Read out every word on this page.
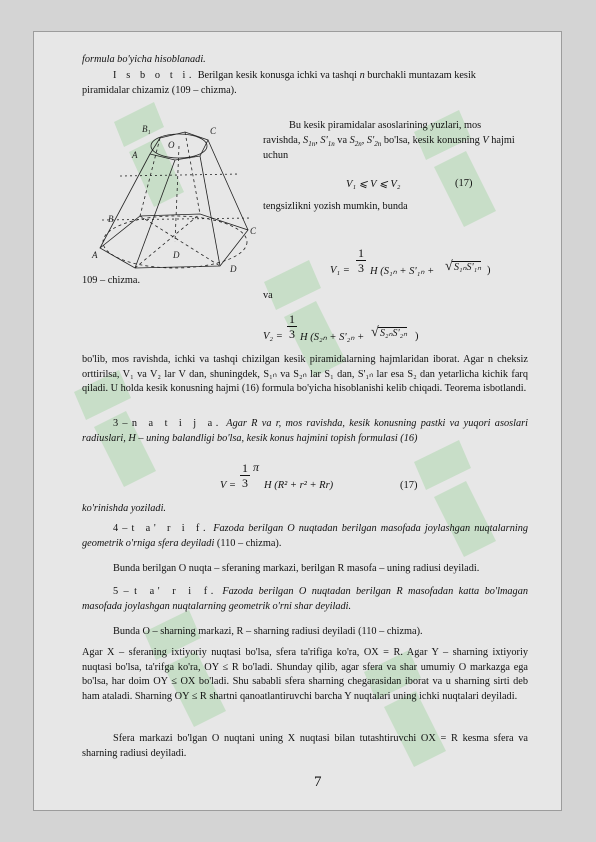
formula bo'yicha hisoblanadi.
I s b o t i. Berilgan kesik konusga ichki va tashqi n burchakli muntazam kesik
piramidalar chizamiz (109 – chizma).
B₁	C
A
O
B
A
D
C
D
Bu kesik piramidalar asoslarining yuzlari, mos
ravishda, $S_{1n}$, $S'_{1n}$ va $S_{2n}$, $S'_{2n}$ bo'lsa, kesik konusning V hajmi
uchun
V₁ ⩽ V ⩽ V₂	(17)
tengsizlikni yozish mumkin, bunda
109 – chizma.
V₁ =
1
3 H (S₁ₙ + S'₁ₙ + S₁ₙS'₁ₙ
√	)
va
V₂ =
1
3 H (S₂ₙ + S'₂ₙ + S₂ₙS'₂ₙ
√	)
bo'lib, mos ravishda, ichki va tashqi chizilgan kesik piramidalarning hajmlaridan iborat. Agar n cheksiz orttirilsa, V₁ va V₂ lar V dan, shuningdek, S₁ₙ va S₂ₙ lar S₁ dan, S'₁ₙ lar esa S₂ dan yetarlicha kichik farq qiladi. U holda kesik konusning hajmi (16) formula bo'yicha hisoblanishi kelib chiqadi. Teorema isbotlandi.
3 – n a t i j a. Agar R va r, mos ravishda, kesik konusning pastki va yuqori asoslari radiuslari, H – uning balandligi bo'lsa, kesik konus hajmini topish formulasi (16)
V =
1
3
π
H (R² + r² + Rr)	(17)
ko'rinishda yoziladi.
4 – t a' r i f. Fazoda berilgan O nuqtadan berilgan masofada joylashgan nuqtalarning geometrik o'rniga sfera deyiladi (110 – chizma).
Bunda berilgan O nuqta – sferaning markazi, berilgan R masofa – uning radiusi deyiladi.
5 – t a' r i f. Fazoda berilgan O nuqtadan berilgan R masofadan katta bo'lmagan masofada joylashgan nuqtalarning geometrik o'rni shar deyiladi.
Bunda O – sharning markazi, R – sharning radiusi deyiladi (110 – chizma).
Agar X – sferaning ixtiyoriy nuqtasi bo'lsa, sfera ta'rifiga ko'ra, OX = R. Agar Y – sharning ixtiyoriy nuqtasi bo'lsa, ta'rifga ko'ra, OY ≤ R bo'ladi. Shunday qilib, agar sfera va shar umumiy O markazga ega bo'lsa, har doim OY ≤ OX bo'ladi. Shu sababli sfera sharning chegarasidan iborat va u sharning sirti deb ham ataladi. Sharning OY ≤ R shartni qanoatlantiruvchi barcha Y nuqtalari uning ichki nuqtalari deyiladi.
Sfera markazi bo'lgan O nuqtani uning X nuqtasi bilan tutashtiruvchi OX = R kesma sfera va sharning radiusi deyiladi.
7
